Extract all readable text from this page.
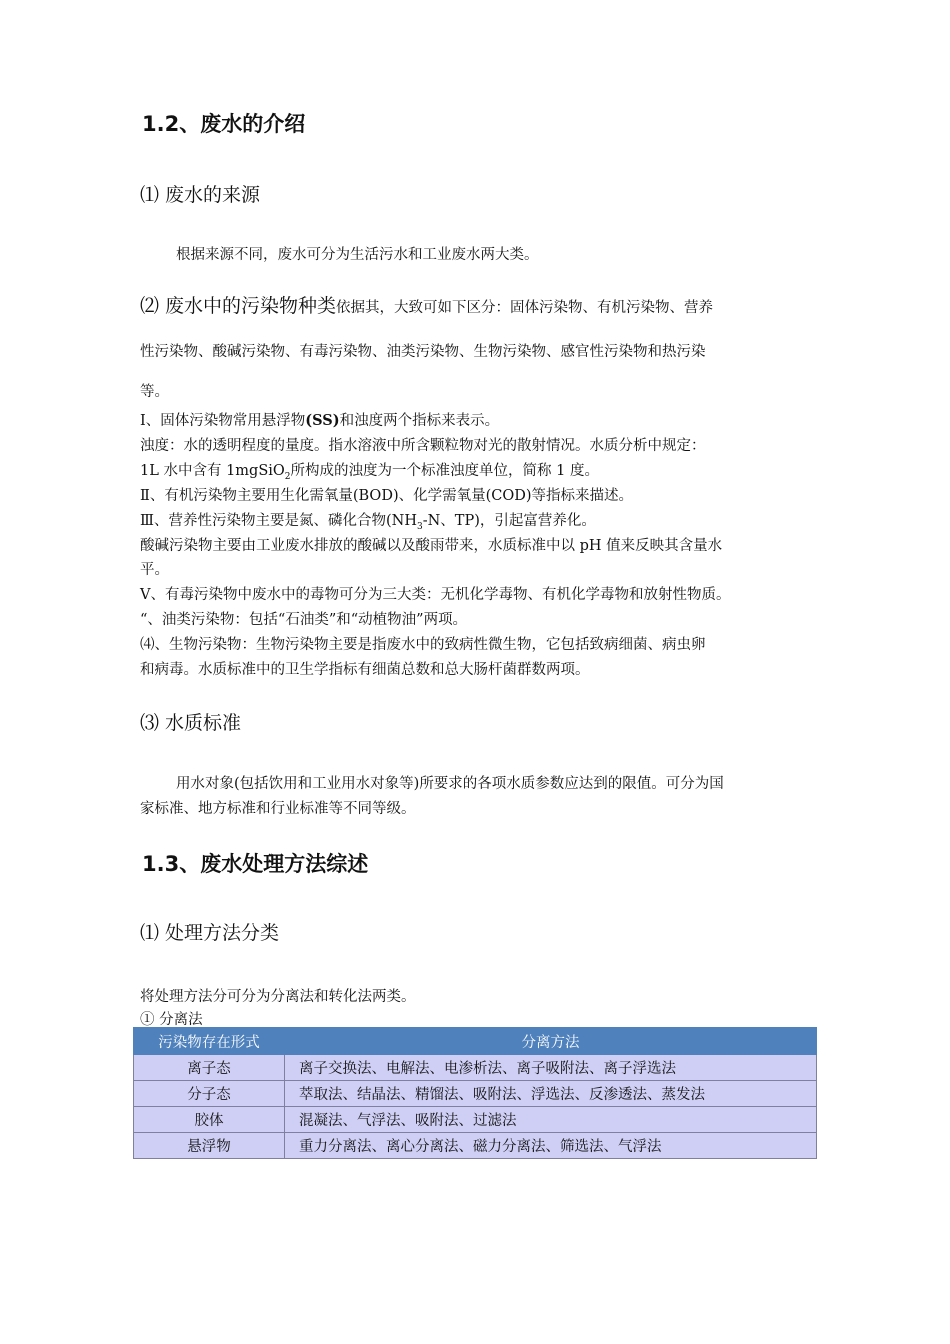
1.2、废水的介绍
⑴ 废水的来源
根据来源不同，废水可分为生活污水和工业废水两大类。
⑵ 废水中的污染物种类依据其，大致可如下区分：固体污染物、有机污染物、营养
性污染物、酸碱污染物、有毒污染物、油类污染物、生物污染物、感官性污染物和热污染
等。
Ⅰ、固体污染物常用悬浮物(SS)和浊度两个指标来表示。
浊度：水的透明程度的量度。指水溶液中所含颗粒物对光的散射情况。水质分析中规定：
1L 水中含有 1mgSiO$_2$所构成的浊度为一个标准浊度单位，简称 1 度。
Ⅱ、有机污染物主要用生化需氧量(BOD)、化学需氧量(COD)等指标来描述。
Ⅲ、营养性污染物主要是氮、磷化合物($NH_3-N$、TP)，引起富营养化。
酸碱污染物主要由工业废水排放的酸碱以及酸雨带来，水质标准中以 pH 值来反映其含量水
平。
Ⅴ、有毒污染物中废水中的毒物可分为三大类：无机化学毒物、有机化学毒物和放射性物质。
“、油类污染物：包括“石油类”和“动植物油”两项。
⑷、生物污染物：生物污染物主要是指废水中的致病性微生物，它包括致病细菌、病虫卵
和病毒。水质标准中的卫生学指标有细菌总数和总大肠杆菌群数两项。
⑶ 水质标准
用水对象(包括饮用和工业用水对象等)所要求的各项水质参数应达到的限值。可分为国
家标准、地方标准和行业标准等不同等级。
1.3、废水处理方法综述
⑴ 处理方法分类
将处理方法分可分为分离法和转化法两类。
① 分离法
污染物存在形式	分离方法
离子态	离子交换法、电解法、电渗析法、离子吸附法、离子浮选法
分子态	萃取法、结晶法、精馏法、吸附法、浮选法、反渗透法、蒸发法
胶体	混凝法、气浮法、吸附法、过滤法
悬浮物	重力分离法、离心分离法、磁力分离法、筛选法、气浮法
